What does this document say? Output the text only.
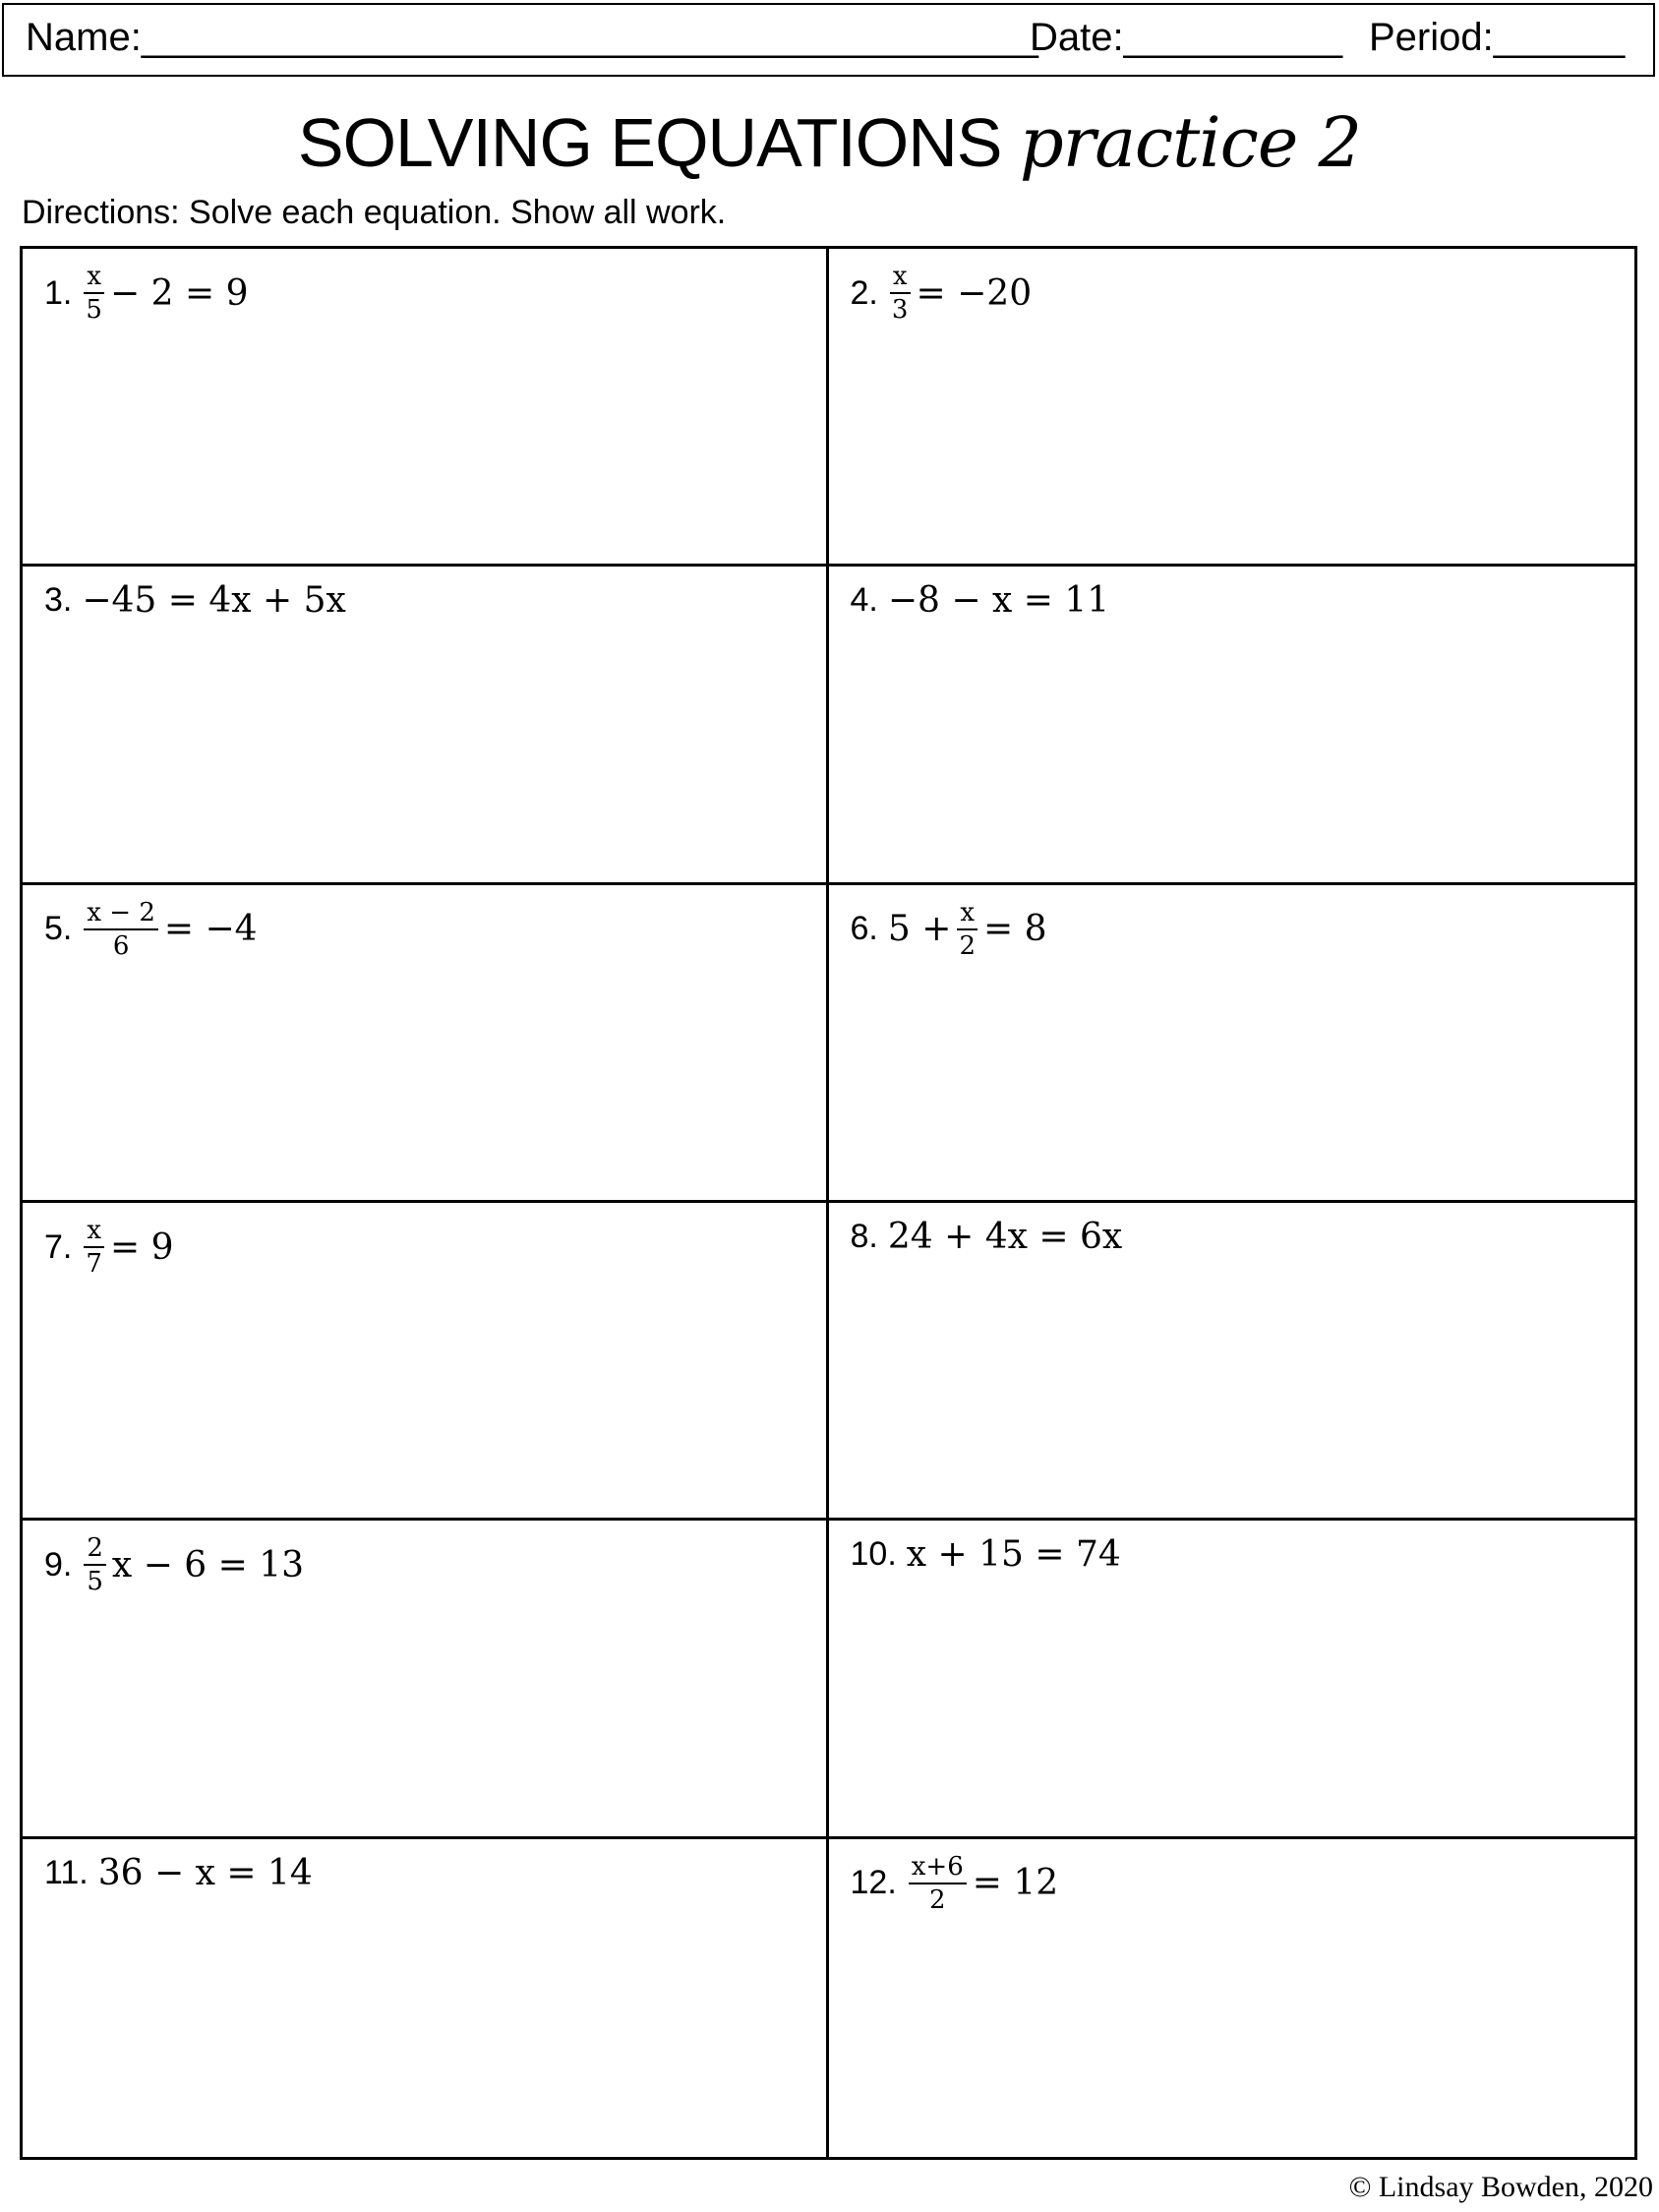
Name:_________________________________________
Date:__________ Period:______
SOLVING EQUATIONS practice 2
Directions: Solve each equation. Show all work.
1. $\frac{x}{5} - 2 = 9$	2. $\frac{x}{3} = -20$
3. −45 = 4x + 5x	4. −8 − x = 11
5. $\frac{x - 2}{6} = -4$	6. $5 + \frac{x}{2} = 8$
7. $\frac{x}{7} = 9$	8. 24 + 4x = 6x
9. $\frac{2}{5}$ x − 6 = 13	10. x + 15 = 74
11. 36 − x = 14	12. $\frac{x+6}{2} = 12$
© Lindsay Bowden, 2020
